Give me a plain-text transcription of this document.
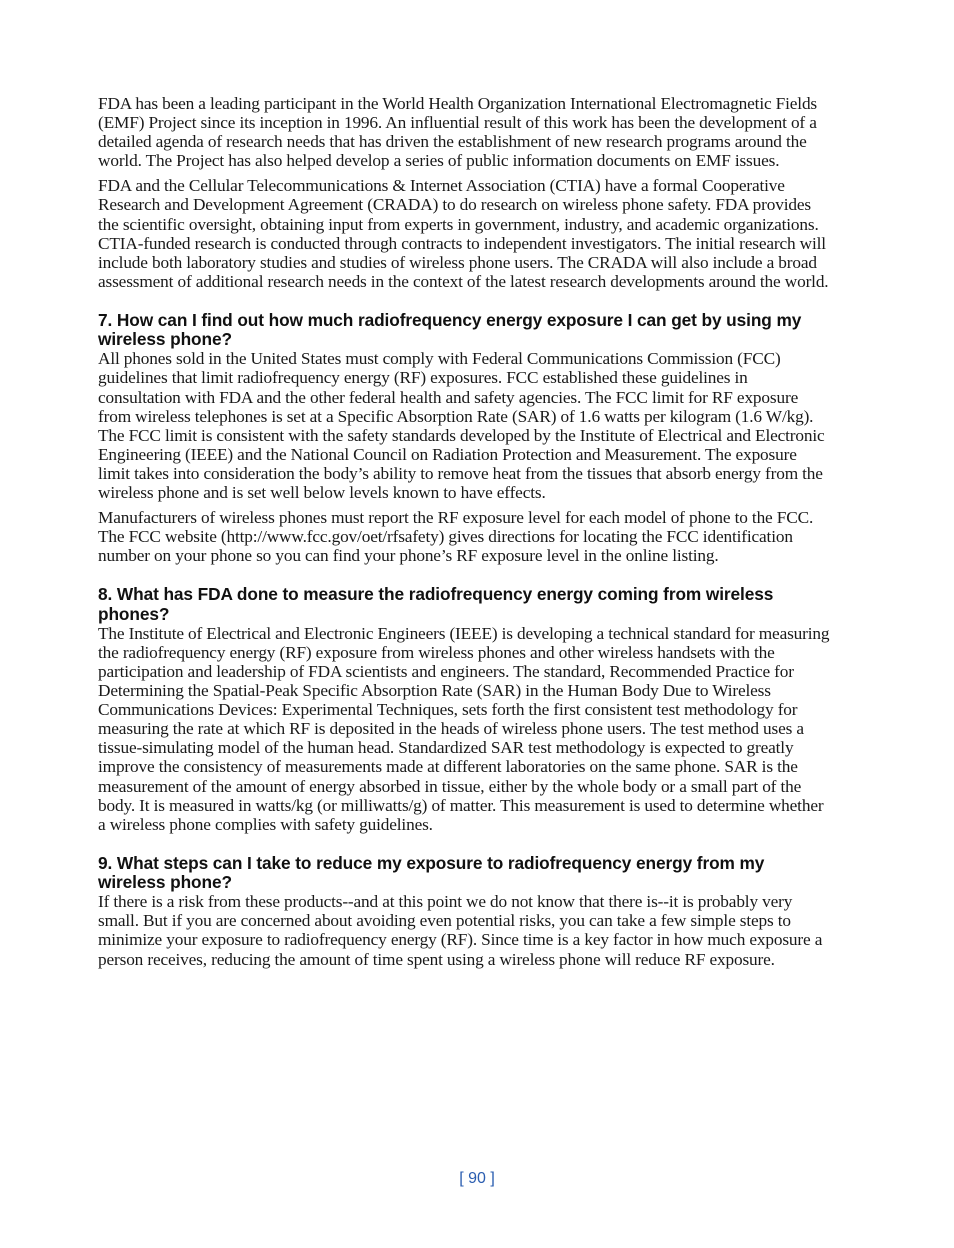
FDA has been a leading participant in the World Health Organization International Electromagnetic Fields (EMF) Project since its inception in 1996. An influential result of this work has been the development of a detailed agenda of research needs that has driven the establishment of new research programs around the world. The Project has also helped develop a series of public information documents on EMF issues.

FDA and the Cellular Telecommunications & Internet Association (CTIA) have a formal Cooperative Research and Development Agreement (CRADA) to do research on wireless phone safety. FDA provides the scientific oversight, obtaining input from experts in government, industry, and academic organizations. CTIA-funded research is conducted through contracts to independent investigators. The initial research will include both laboratory studies and studies of wireless phone users. The CRADA will also include a broad assessment of additional research needs in the context of the latest research developments around the world.

7. How can I find out how much radiofrequency energy exposure I can get by using my wireless phone?

All phones sold in the United States must comply with Federal Communications Commission (FCC) guidelines that limit radiofrequency energy (RF) exposures. FCC established these guidelines in consultation with FDA and the other federal health and safety agencies. The FCC limit for RF exposure from wireless telephones is set at a Specific Absorption Rate (SAR) of 1.6 watts per kilogram (1.6 W/kg). The FCC limit is consistent with the safety standards developed by the Institute of Electrical and Electronic Engineering (IEEE) and the National Council on Radiation Protection and Measurement. The exposure limit takes into consideration the body’s ability to remove heat from the tissues that absorb energy from the wireless phone and is set well below levels known to have effects.

Manufacturers of wireless phones must report the RF exposure level for each model of phone to the FCC. The FCC website (http://www.fcc.gov/oet/rfsafety) gives directions for locating the FCC identification number on your phone so you can find your phone’s RF exposure level in the online listing.

8. What has FDA done to measure the radiofrequency energy coming from wireless phones?

The Institute of Electrical and Electronic Engineers (IEEE) is developing a technical standard for measuring the radiofrequency energy (RF) exposure from wireless phones and other wireless handsets with the participation and leadership of FDA scientists and engineers. The standard, Recommended Practice for Determining the Spatial-Peak Specific Absorption Rate (SAR) in the Human Body Due to Wireless Communications Devices: Experimental Techniques, sets forth the first consistent test methodology for measuring the rate at which RF is deposited in the heads of wireless phone users. The test method uses a tissue-simulating model of the human head. Standardized SAR test methodology is expected to greatly improve the consistency of measurements made at different laboratories on the same phone. SAR is the measurement of the amount of energy absorbed in tissue, either by the whole body or a small part of the body. It is measured in watts/kg (or milliwatts/g) of matter. This measurement is used to determine whether a wireless phone complies with safety guidelines.

9. What steps can I take to reduce my exposure to radiofrequency energy from my wireless phone?

If there is a risk from these products--and at this point we do not know that there is--it is probably very small. But if you are concerned about avoiding even potential risks, you can take a few simple steps to minimize your exposure to radiofrequency energy (RF). Since time is a key factor in how much exposure a person receives, reducing the amount of time spent using a wireless phone will reduce RF exposure.

[ 90 ]
